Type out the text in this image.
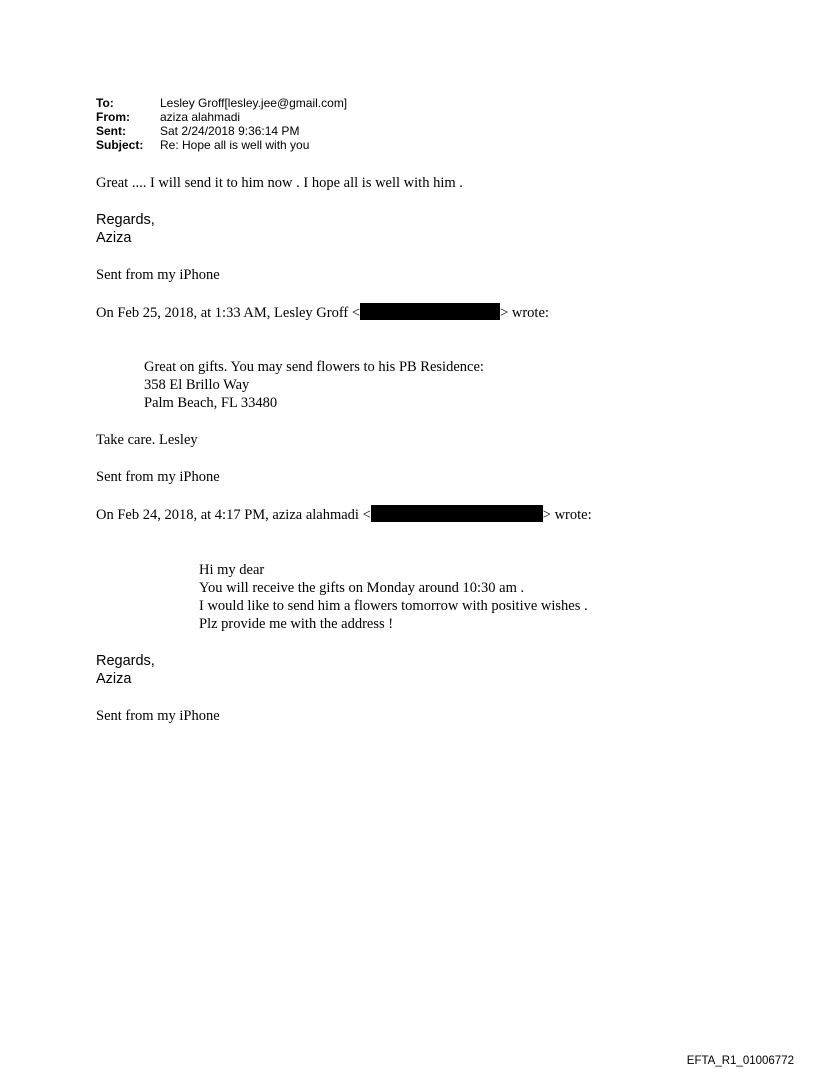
To:	Lesley Groff[lesley.jee@gmail.com]
From:	aziza alahmadi
Sent:	Sat 2/24/2018 9:36:14 PM
Subject:	Re: Hope all is well with you
Great .... I will send it to him now . I hope all is well with him .
Regards,
Aziza
Sent from my iPhone
On Feb 25, 2018, at 1:33 AM, Lesley Groff <	> wrote:
Great on gifts. You may send flowers to his PB Residence:
358 El Brillo Way
Palm Beach, FL 33480
Take care. Lesley
Sent from my iPhone
On Feb 24, 2018, at 4:17 PM, aziza alahmadi <	> wrote:
Hi my dear
You will receive the gifts on Monday around 10:30 am .
I would like to send him a flowers tomorrow with positive wishes .
Plz provide me with the address !
Regards,
Aziza
Sent from my iPhone
EFTA_R1_01006772
